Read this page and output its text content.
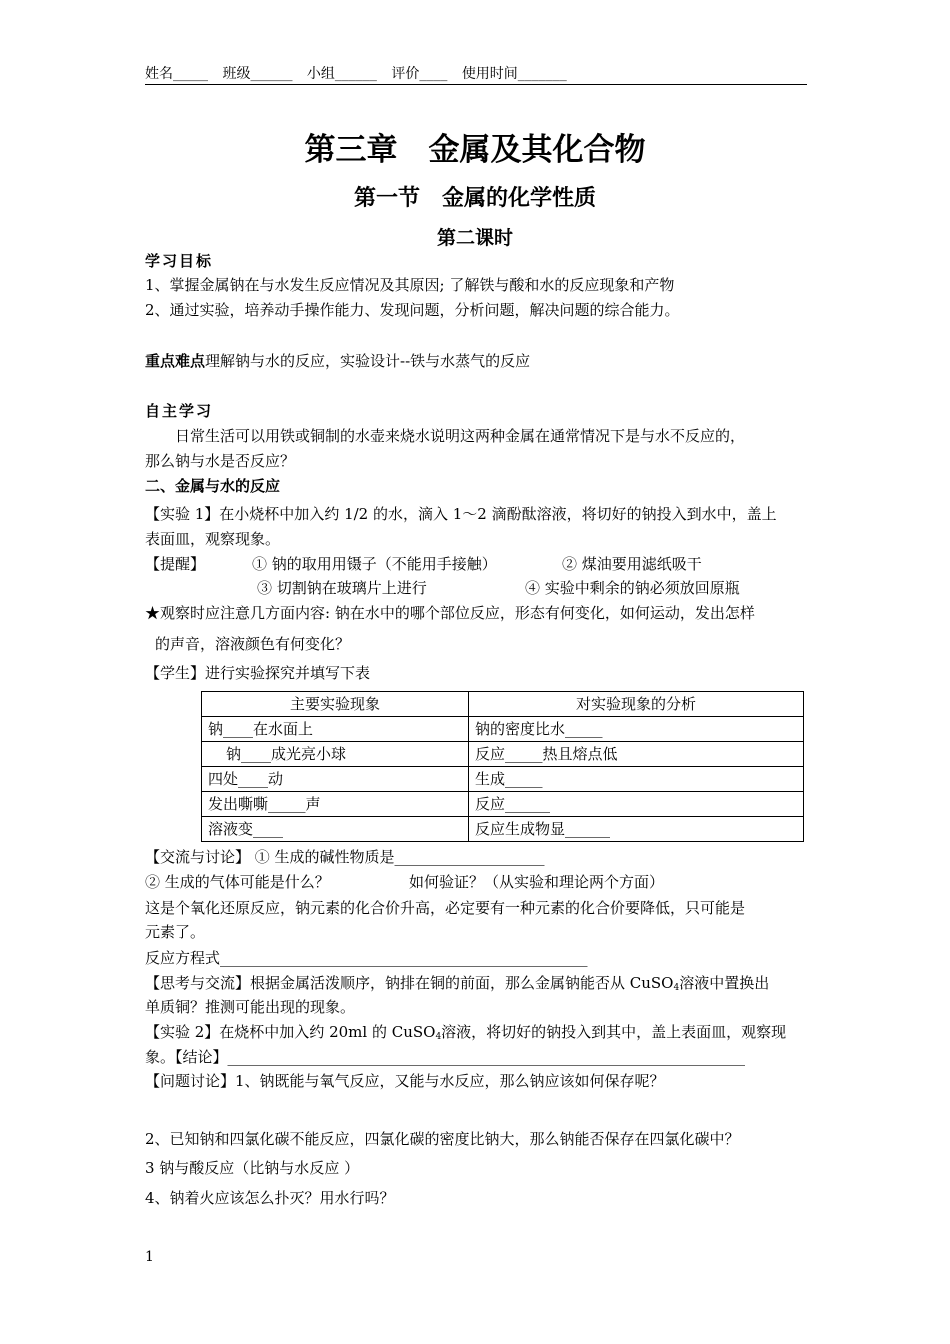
姓名_____ 班级______ 小组______ 评价____ 使用时间_______
第三章　金属及其化合物
第一节　金属的化学性质
第二课时
学习目标
1、掌握金属钠在与水发生反应情况及其原因; 了解铁与酸和水的反应现象和产物
2、通过实验，培养动手操作能力、发现问题，分析问题，解决问题的综合能力。
重点难点理解钠与水的反应，实验设计--铁与水蒸气的反应
自主学习
日常生活可以用铁或铜制的水壶来烧水说明这两种金属在通常情况下是与水不反应的，
那么钠与水是否反应？
二、金属与水的反应
【实验 1】在小烧杯中加入约 1/2 的水，滴入 1～2 滴酚酞溶液，将切好的钠投入到水中，盖上
表面皿，观察现象。
【提醒】	① 钠的取用用镊子（不能用手接触）	② 煤油要用滤纸吸干
③ 切割钠在玻璃片上进行	④ 实验中剩余的钠必须放回原瓶
★观察时应注意几方面内容: 钠在水中的哪个部位反应，形态有何变化，如何运动，发出怎样
的声音，溶液颜色有何变化？
【学生】进行实验探究并填写下表
主要实验现象	对实验现象的分析
钠____在水面上	钠的密度比水_____
钠____成光亮小球	反应_____热且熔点低
四处____动	生成_____
发出嘶嘶_____声	反应______
溶液变____	反应生成物显______
【交流与讨论】 ① 生成的碱性物质是____________________
② 生成的气体可能是什么？	如何验证？（从实验和理论两个方面）
这是个氧化还原反应，钠元素的化合价升高，必定要有一种元素的化合价要降低，只可能是
元素了。
反应方程式_________________________________________________
【思考与交流】根据金属活泼顺序，钠排在铜的前面，那么金属钠能否从 CuSO$_4$溶液中置换出
单质铜？推测可能出现的现象。
【实验 2】在烧杯中加入约 20ml 的 CuSO$_4$溶液，将切好的钠投入到其中，盖上表面皿，观察现
象。【结论】_____________________________________________________________________
【问题讨论】1、钠既能与氧气反应，又能与水反应，那么钠应该如何保存呢？
2、已知钠和四氯化碳不能反应，四氯化碳的密度比钠大，那么钠能否保存在四氯化碳中？
3 钠与酸反应（比钠与水反应 ）
4、钠着火应该怎么扑灭？用水行吗？
1
